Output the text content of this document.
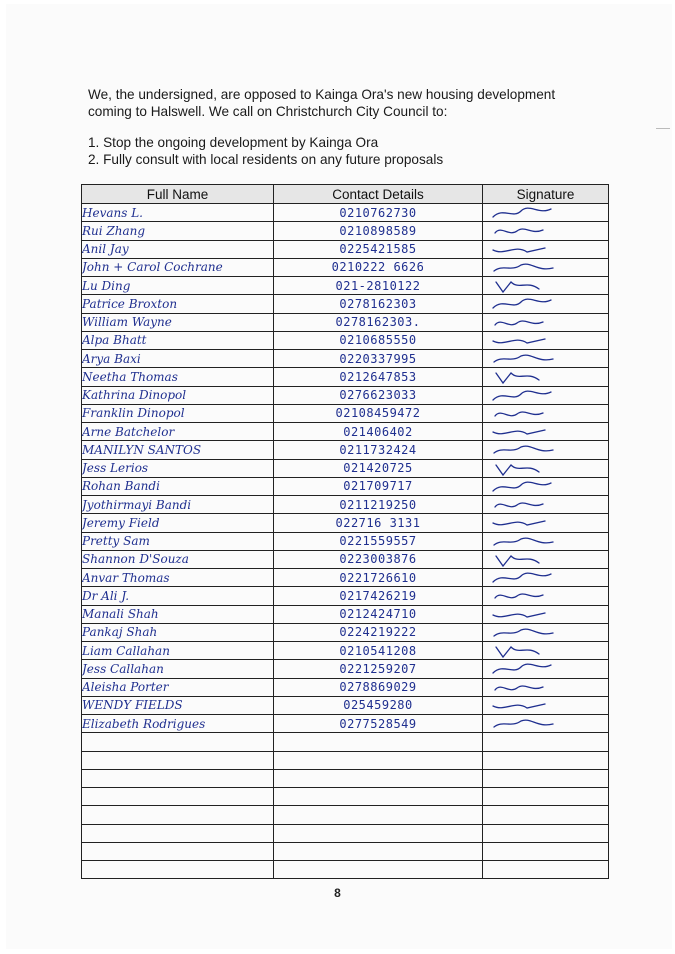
We, the undersigned, are opposed to Kainga Ora's new housing development coming to Halswell. We call on Christchurch City Council to:

1. Stop the ongoing development by Kainga Ora
2. Fully consult with local residents on any future proposals
Full Name	Contact Details	Signature
Hevans L.	0210762730	

Rui Zhang	0210898589	

Anil Jay	0225421585	

John + Carol Cochrane	0210222 6626	

Lu Ding	021-2810122	

Patrice Broxton	0278162303	

William Wayne	0278162303.	

Alpa Bhatt	0210685550	

Arya Baxi	0220337995	

Neetha Thomas	0212647853	

Kathrina Dinopol	0276623033	

Franklin Dinopol	02108459472	

Arne Batchelor	021406402	

MANILYN SANTOS	0211732424	

Jess Lerios	021420725	

Rohan Bandi	021709717	

Jyothirmayi Bandi	0211219250	

Jeremy Field	022716 3131	

Pretty Sam	0221559557	

Shannon D'Souza	0223003876	

Anvar Thomas	0221726610	

Dr Ali J.	0217426219	

Manali Shah	0212424710	

Pankaj Shah	0224219222	

Liam Callahan	0210541208	

Jess Callahan	0221259207	

Aleisha Porter	0278869029	

WENDY FIELDS	025459280	

Elizabeth Rodrigues	0277528549	

8
